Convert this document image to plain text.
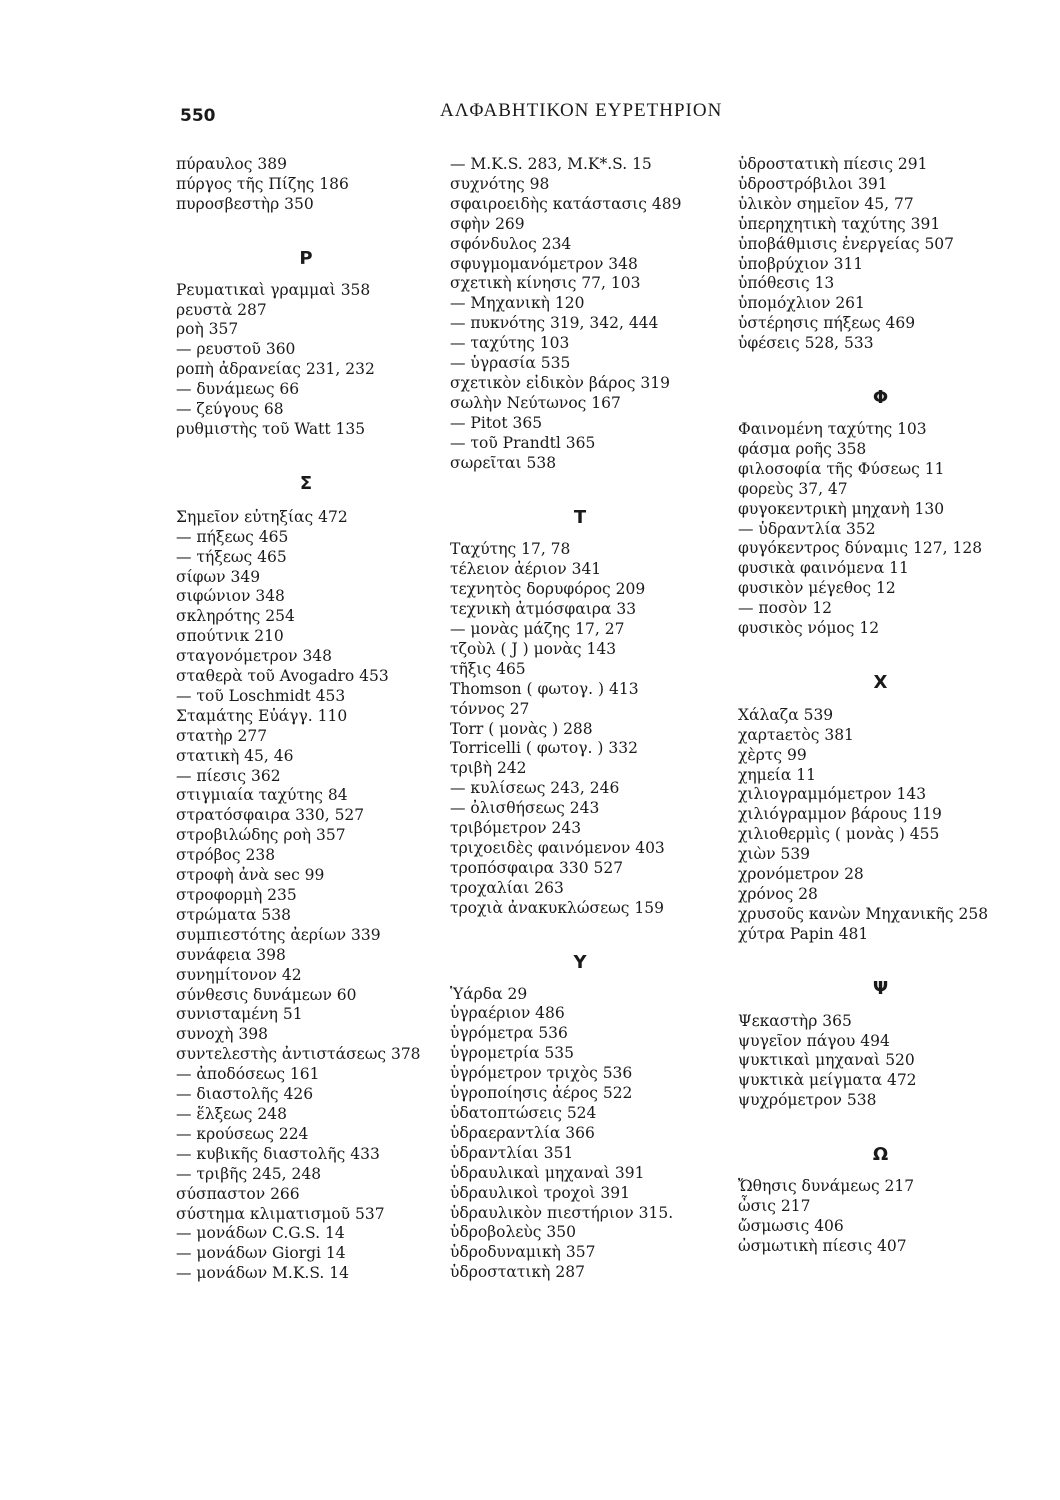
550	ΑΛΦΑΒΗΤΙΚΟΝ ΕΥΡΕΤΗΡΙΟΝ
πύραυλος 389
πύργος τῆς Πίζης 186
πυροσβεστὴρ 350
Ρ
Ρευματικαὶ γραμμαὶ 358
ρευστὰ 287
ροὴ 357
— ρευστοῦ 360
ροπὴ ἀδρανείας 231, 232
— δυνάμεως 66
— ζεύγους 68
ρυθμιστὴς τοῦ Watt 135
Σ
Σημεῖον εὐτηξίας 472
— πήξεως 465
— τήξεως 465
σίφων 349
σιφώνιον 348
σκληρότης 254
σπούτνικ 210
σταγονόμετρον 348
σταθερὰ τοῦ Avogadro 453
— τοῦ Loschmidt 453
Σταμάτης Εὐάγγ. 110
στατὴρ 277
στατικὴ 45, 46
— πίεσις 362
στιγμιαία ταχύτης 84
στρατόσφαιρα 330, 527
στροβιλώδης ροὴ 357
στρόβος 238
στροφὴ ἀνὰ sec 99
στροφορμὴ 235
στρώματα 538
συμπιεστότης ἀερίων 339
συνάφεια 398
συνημίτονον 42
σύνθεσις δυνάμεων 60
συνισταμένη 51
συνοχὴ 398
συντελεστὴς ἀντιστάσεως 378
— ἀποδόσεως 161
— διαστολῆς 426
— ἕλξεως 248
— κρούσεως 224
— κυβικῆς διαστολῆς 433
— τριβῆς 245, 248
σύσπαστον 266
σύστημα κλιματισμοῦ 537
— μονάδων C.G.S. 14
— μονάδων Giorgi 14
— μονάδων M.K.S. 14
— M.K.S. 283, M.K*.S. 15
συχνότης 98
σφαιροειδὴς κατάστασις 489
σφὴν 269
σφόνδυλος 234
σφυγμομανόμετρον 348
σχετικὴ κίνησις 77, 103
— Μηχανικὴ 120
— πυκνότης 319, 342, 444
— ταχύτης 103
— ὑγρασία 535
σχετικὸν εἰδικὸν βάρος 319
σωλὴν Νεύτωνος 167
— Pitot 365
— τοῦ Prandtl 365
σωρεῖται 538
Τ
Ταχύτης 17, 78
τέλειον ἀέριον 341
τεχνητὸς δορυφόρος 209
τεχνικὴ ἀτμόσφαιρα 33
— μονὰς μάζης 17, 27
τζοὺλ ( J ) μονὰς 143
τῆξις 465
Thomson ( φωτογ. ) 413
τόννος 27
Torr ( μονὰς ) 288
Torricelli ( φωτογ. ) 332
τριβὴ 242
— κυλίσεως 243, 246
— ὀλισθήσεως 243
τριβόμετρον 243
τριχοειδὲς φαινόμενον 403
τροπόσφαιρα 330 527
τροχαλίαι 263
τροχιὰ ἀνακυκλώσεως 159
Υ
Ὑάρδα 29
ὑγραέριον 486
ὑγρόμετρα 536
ὑγρομετρία 535
ὑγρόμετρον τριχὸς 536
ὑγροποίησις ἀέρος 522
ὑδατοπτώσεις 524
ὑδραεραντλία 366
ὑδραντλίαι 351
ὑδραυλικαὶ μηχαναὶ 391
ὑδραυλικοὶ τροχοὶ 391
ὑδραυλικὸν πιεστήριον 315.
ὑδροβολεὺς 350
ὑδροδυναμικὴ 357
ὑδροστατικὴ 287
ὑδροστατικὴ πίεσις 291
ὑδροστρόβιλοι 391
ὑλικὸν σημεῖον 45, 77
ὑπερηχητικὴ ταχύτης 391
ὑποβάθμισις ἐνεργείας 507
ὑποβρύχιον 311
ὑπόθεσις 13
ὑπομόχλιον 261
ὑστέρησις πήξεως 469
ὑφέσεις 528, 533
Φ
Φαινομένη ταχύτης 103
φάσμα ροῆς 358
φιλοσοφία τῆς Φύσεως 11
φορεὺς 37, 47
φυγοκεντρικὴ μηχανὴ 130
— ὑδραντλία 352
φυγόκεντρος δύναμις 127, 128
φυσικὰ φαινόμενα 11
φυσικὸν μέγεθος 12
— ποσὸν 12
φυσικὸς νόμος 12
Χ
Χάλαζα 539
χαρτaετὸς 381
χὲρτς 99
χημεία 11
χιλιογραμμόμετρον 143
χιλιόγραμμον βάρους 119
χιλιοθερμὶς ( μονὰς ) 455
χιὼν 539
χρονόμετρον 28
χρόνος 28
χρυσοῦς κανὼν Μηχανικῆς 258
χύτρα Papin 481
Ψ
Ψεκαστὴρ 365
ψυγεῖον πάγου 494
ψυκτικαὶ μηχαναὶ 520
ψυκτικὰ μείγματα 472
ψυχρόμετρον 538
Ω
Ὤθησις δυνάμεως 217
ὦσις 217
ὤσμωσις 406
ὠσμωτικὴ πίεσις 407
